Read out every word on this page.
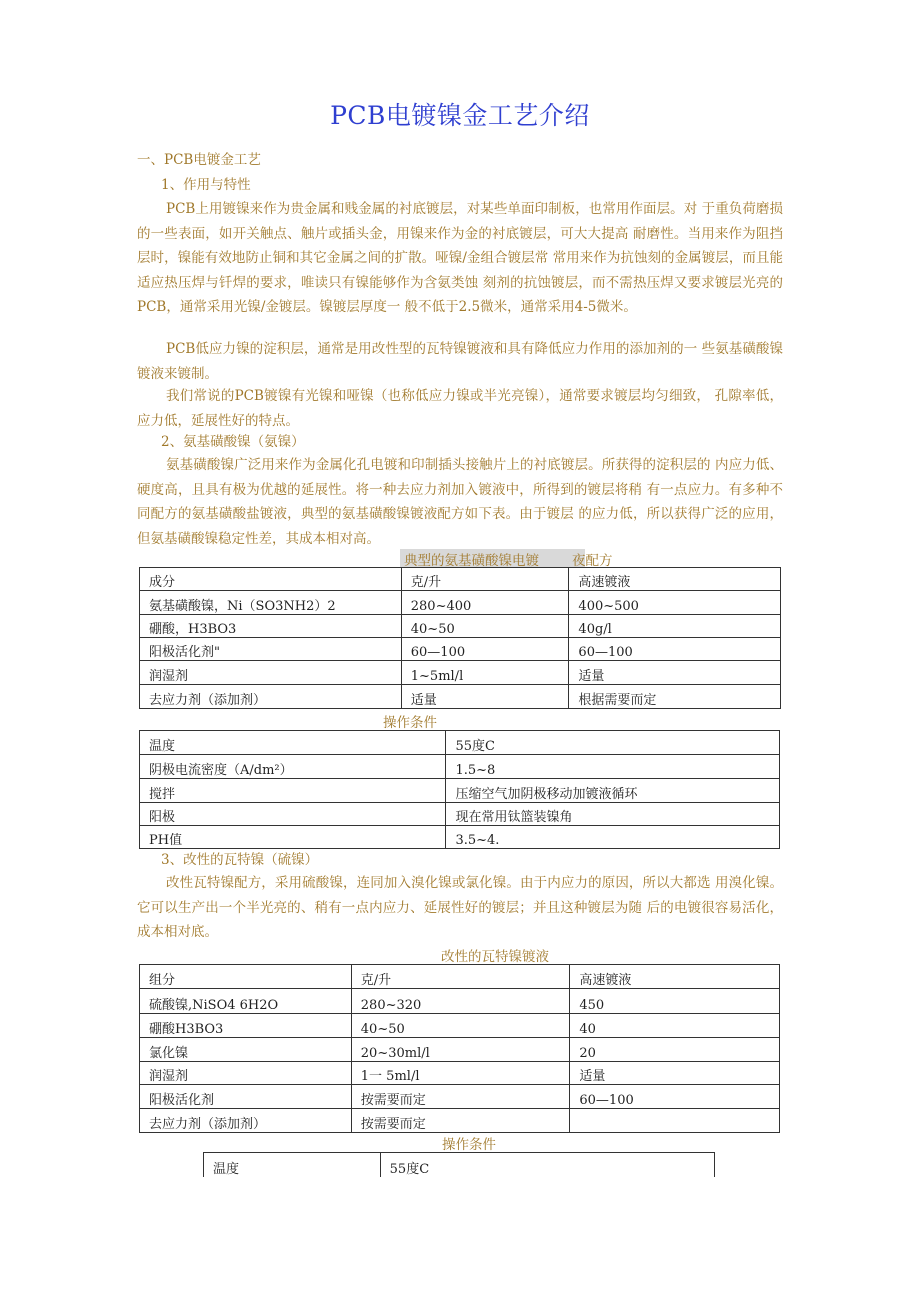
PCB电镀镍金工艺介绍
一、PCB电镀金工艺
1、作用与特性

PCB上用镀镍来作为贵金属和贱金属的衬底镀层，对某些单面印制板，也常用作面层。对 于重负荷磨损的一些表面，如开关触点、触片或插头金，用镍来作为金的衬底镀层，可大大提高 耐磨性。当用来作为阻挡层时，镍能有效地防止铜和其它金属之间的扩散。哑镍/金组合镀层常 常用来作为抗蚀刻的金属镀层，而且能适应热压焊与钎焊的要求，唯读只有镍能够作为含氨类蚀 刻剂的抗蚀镀层，而不需热压焊又要求镀层光亮的PCB，通常采用光镍/金镀层。镍镀层厚度一 般不低于2.5微米，通常采用4-5微米。

PCB低应力镍的淀积层，通常是用改性型的瓦特镍镀液和具有降低应力作用的添加剂的一 些氨基磺酸镍镀液来镀制。

我们常说的PCB镀镍有光镍和哑镍（也称低应力镍或半光亮镍），通常要求镀层均匀细致， 孔隙率低，应力低，延展性好的特点。

2、氨基磺酸镍（氨镍）

氨基磺酸镍广泛用来作为金属化孔电镀和印制插头接触片上的衬底镀层。所获得的淀积层的 内应力低、硬度高，且具有极为优越的延展性。将一种去应力剂加入镀液中，所得到的镀层将稍 有一点应力。有多种不同配方的氨基磺酸盐镀液，典型的氨基磺酸镍镀液配方如下表。由于镀层 的应力低，所以获得广泛的应用，但氨基磺酸镍稳定性差，其成本相对高。

典型的氨基磺酸镍电镀 夜配方
成分	克/升	高速镀液
氨基磺酸镍，Ni（SO3NH2）2	280~400	400~500
硼酸，H3BO3	40~50	40g/l
阳极活化剂"	60—100	60—100
润湿剂	1~5ml/l	适量
去应力剂（添加剂）	适量	根据需要而定
操作条件
温度	55度C
阴极电流密度（A/dm²）	1.5~8
搅拌	压缩空气加阴极移动加镀液循环
阳极	现在常用钛篮装镍角
PH值	3.5~4.
3、改性的瓦特镍（硫镍）

改性瓦特镍配方，采用硫酸镍，连同加入溴化镍或氯化镍。由于内应力的原因，所以大都选 用溴化镍。它可以生产出一个半光亮的、稍有一点内应力、延展性好的镀层；并且这种镀层为随 后的电镀很容易活化，成本相对底。

改性的瓦特镍镀液
组分	克/升	高速镀液
硫酸镍,NiSO4 6H2O	280~320	450
硼酸H3BO3	40~50	40
氯化镍	20~30ml/l	20
润湿剂	1一 5ml/l	适量
阳极活化剂	按需要而定	60—100
去应力剂（添加剂）	按需要而定	
操作条件
温度	55度C
